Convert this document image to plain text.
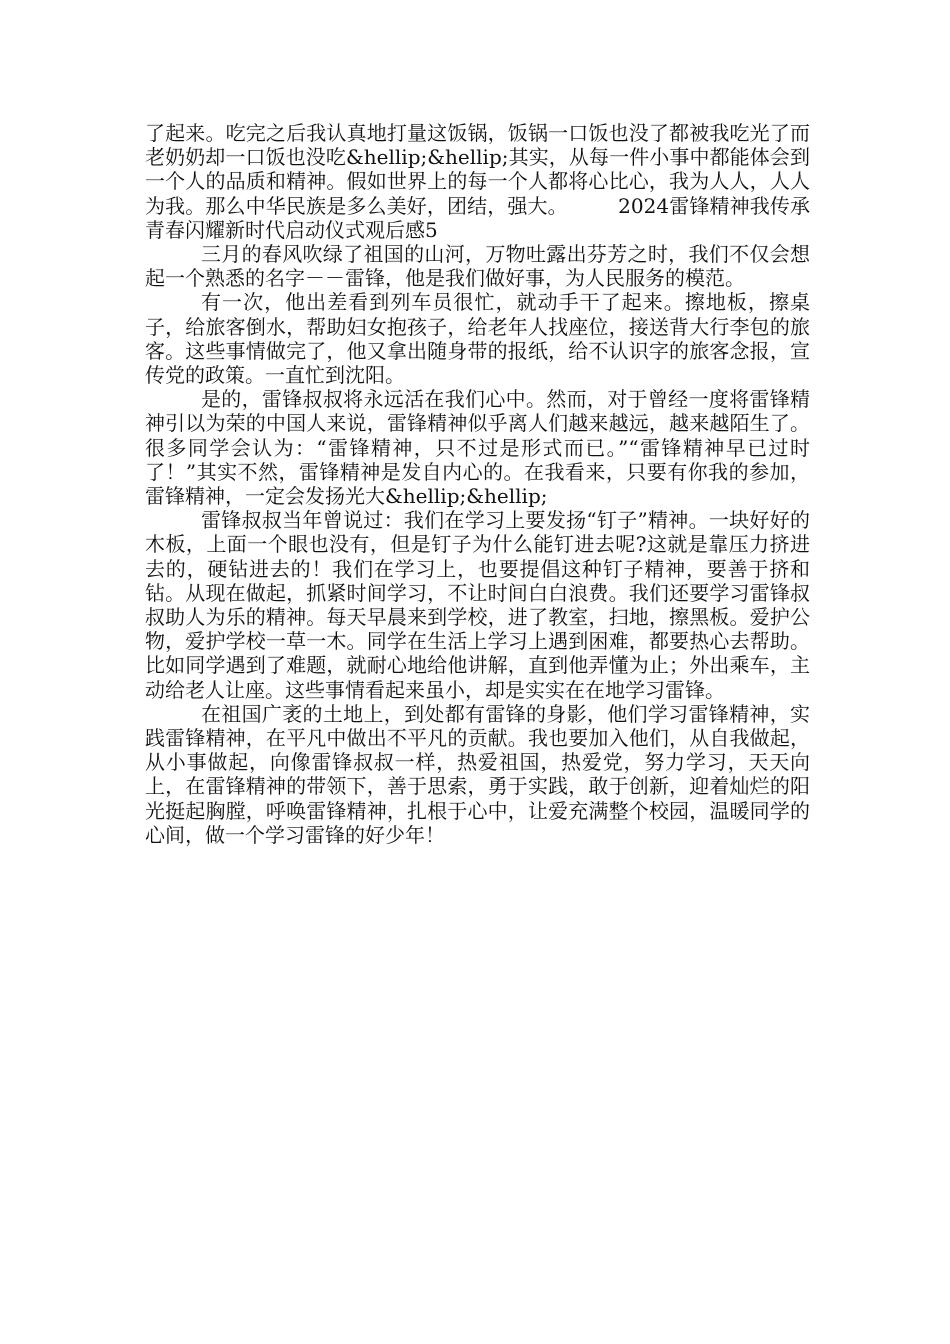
了起来。吃完之后我认真地打量这饭锅，饭锅一口饭也没了都被我吃光了而老奶奶却一口饭也没吃&hellip;&hellip;其实，从每一件小事中都能体会到一个人的品质和精神。假如世界上的每一个人都将心比心，我为人人，人人为我。那么中华民族是多么美好，团结，强大。　　　2024雷锋精神我传承青春闪耀新时代启动仪式观后感5

三月的春风吹绿了祖国的山河，万物吐露出芬芳之时，我们不仅会想起一个熟悉的名字－－雷锋，他是我们做好事，为人民服务的模范。

有一次，他出差看到列车员很忙，就动手干了起来。擦地板，擦桌子，给旅客倒水，帮助妇女抱孩子，给老年人找座位，接送背大行李包的旅客。这些事情做完了，他又拿出随身带的报纸，给不认识字的旅客念报，宣传党的政策。一直忙到沈阳。

是的，雷锋叔叔将永远活在我们心中。然而，对于曾经一度将雷锋精神引以为荣的中国人来说，雷锋精神似乎离人们越来越远，越来越陌生了。很多同学会认为：“雷锋精神，只不过是形式而已。”“雷锋精神早已过时了！”其实不然，雷锋精神是发自内心的。在我看来，只要有你我的参加，雷锋精神，一定会发扬光大&hellip;&hellip;

雷锋叔叔当年曾说过：我们在学习上要发扬“钉子”精神。一块好好的木板，上面一个眼也没有，但是钉子为什么能钉进去呢?这就是靠压力挤进去的，硬钻进去的！我们在学习上，也要提倡这种钉子精神，要善于挤和钻。从现在做起，抓紧时间学习，不让时间白白浪费。我们还要学习雷锋叔叔助人为乐的精神。每天早晨来到学校，进了教室，扫地，擦黑板。爱护公物，爱护学校一草一木。同学在生活上学习上遇到困难，都要热心去帮助。比如同学遇到了难题，就耐心地给他讲解，直到他弄懂为止；外出乘车，主动给老人让座。这些事情看起来虽小，却是实实在在地学习雷锋。

在祖国广袤的土地上，到处都有雷锋的身影，他们学习雷锋精神，实践雷锋精神，在平凡中做出不平凡的贡献。我也要加入他们，从自我做起，从小事做起，向像雷锋叔叔一样，热爱祖国，热爱党，努力学习，天天向上，在雷锋精神的带领下，善于思索，勇于实践，敢于创新，迎着灿烂的阳光挺起胸膛，呼唤雷锋精神，扎根于心中，让爱充满整个校园，温暖同学的心间，做一个学习雷锋的好少年！
